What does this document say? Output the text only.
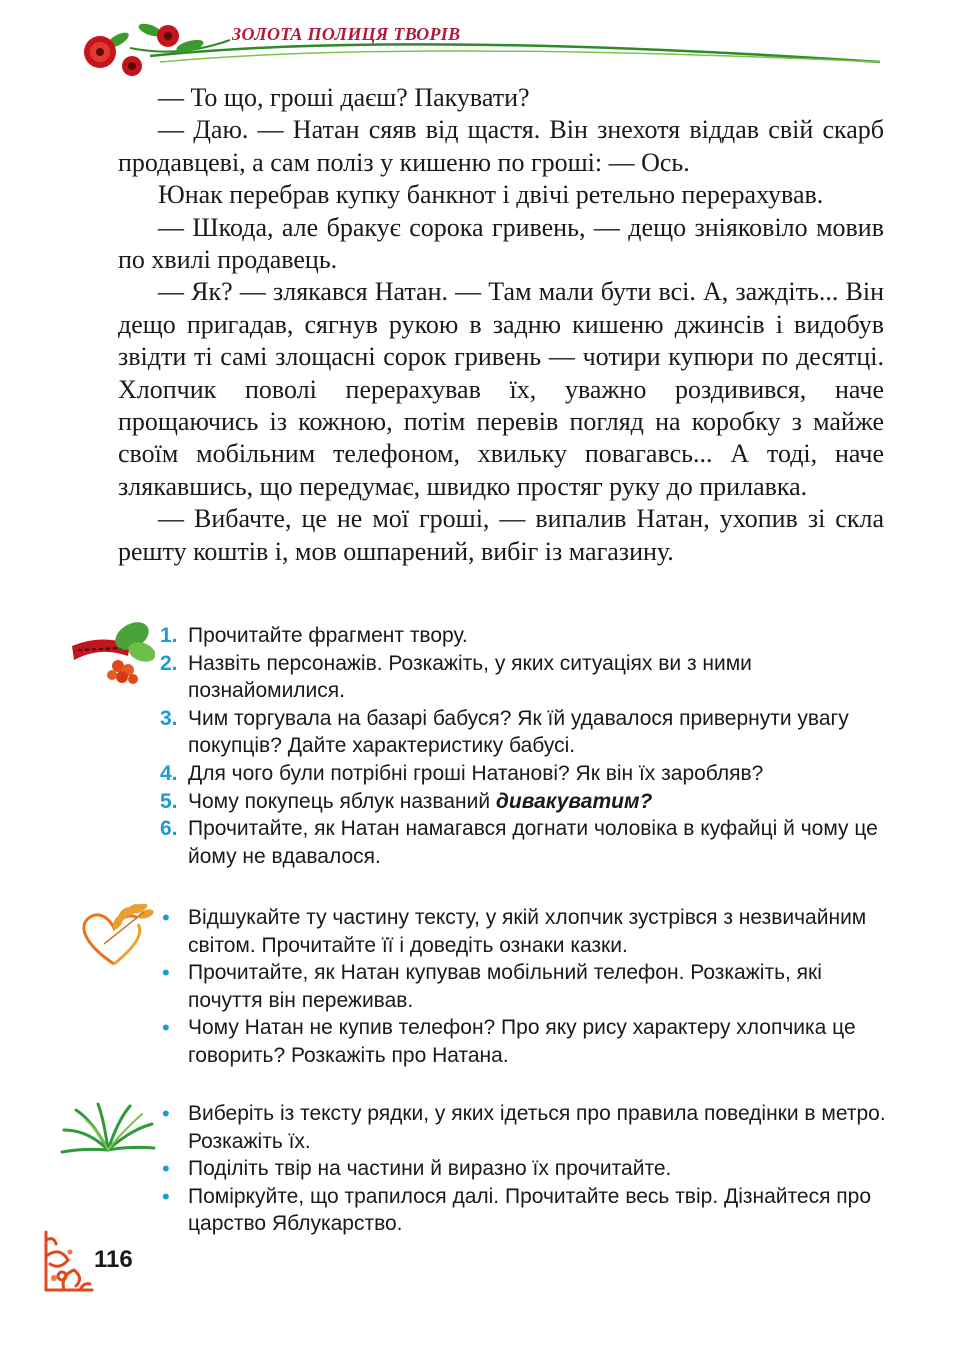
ЗОЛОТА ПОЛИЦЯ ТВОРІВ

— То що, гроші даєш? Пакувати?

— Даю. — Натан сяяв від щастя. Він знехотя віддав свій скарб продавцеві, а сам поліз у кишеню по гроші: — Ось.

Юнак перебрав купку банкнот і двічі ретельно перерахував.

— Шкода, але бракує сорока гривень, — дещо зніяковіло мовив по хвилі продавець.

— Як? — злякався Натан. — Там мали бути всі. А, заждіть... Він дещо пригадав, сягнув рукою в задню кишеню джинсів і видобув звідти ті самі злощасні сорок гривень — чотири купюри по десятці. Хлопчик поволі перерахував їх, уважно роздивився, наче прощаючись із кожною, потім перевів погляд на коробку з майже своїм мобільним телефоном, хвильку повагавсь... А тоді, наче злякавшись, що передумає, швидко простяг руку до прилавка.

— Вибачте, це не мої гроші, — випалив Натан, ухопив зі скла решту коштів і, мов ошпарений, вибіг із магазину.

1. Прочитайте фрагмент твору.
2. Назвіть персонажів. Розкажіть, у яких ситуаціях ви з ними познайомилися.
3. Чим торгувала на базарі бабуся? Як їй удавалося привернути увагу покупців? Дайте характеристику бабусі.
4. Для чого були потрібні гроші Натанові? Як він їх заробляв?
5. Чому покупець яблук названий дивакуватим?
6. Прочитайте, як Натан намагався догнати чоловіка в куфайці й чому це йому не вдавалося.
• Відшукайте ту частину тексту, у якій хлопчик зустрівся з незвичайним світом. Прочитайте її і доведіть ознаки казки.
• Прочитайте, як Натан купував мобільний телефон. Розкажіть, які почуття він переживав.
• Чому Натан не купив телефон? Про яку рису характеру хлопчика це говорить? Розкажіть про Натана.
• Виберіть із тексту рядки, у яких ідеться про правила поведінки в метро. Розкажіть їх.
• Поділіть твір на частини й виразно їх прочитайте.
• Поміркуйте, що трапилося далі. Прочитайте весь твір. Дізнайтеся про царство Яблукарство.
116
